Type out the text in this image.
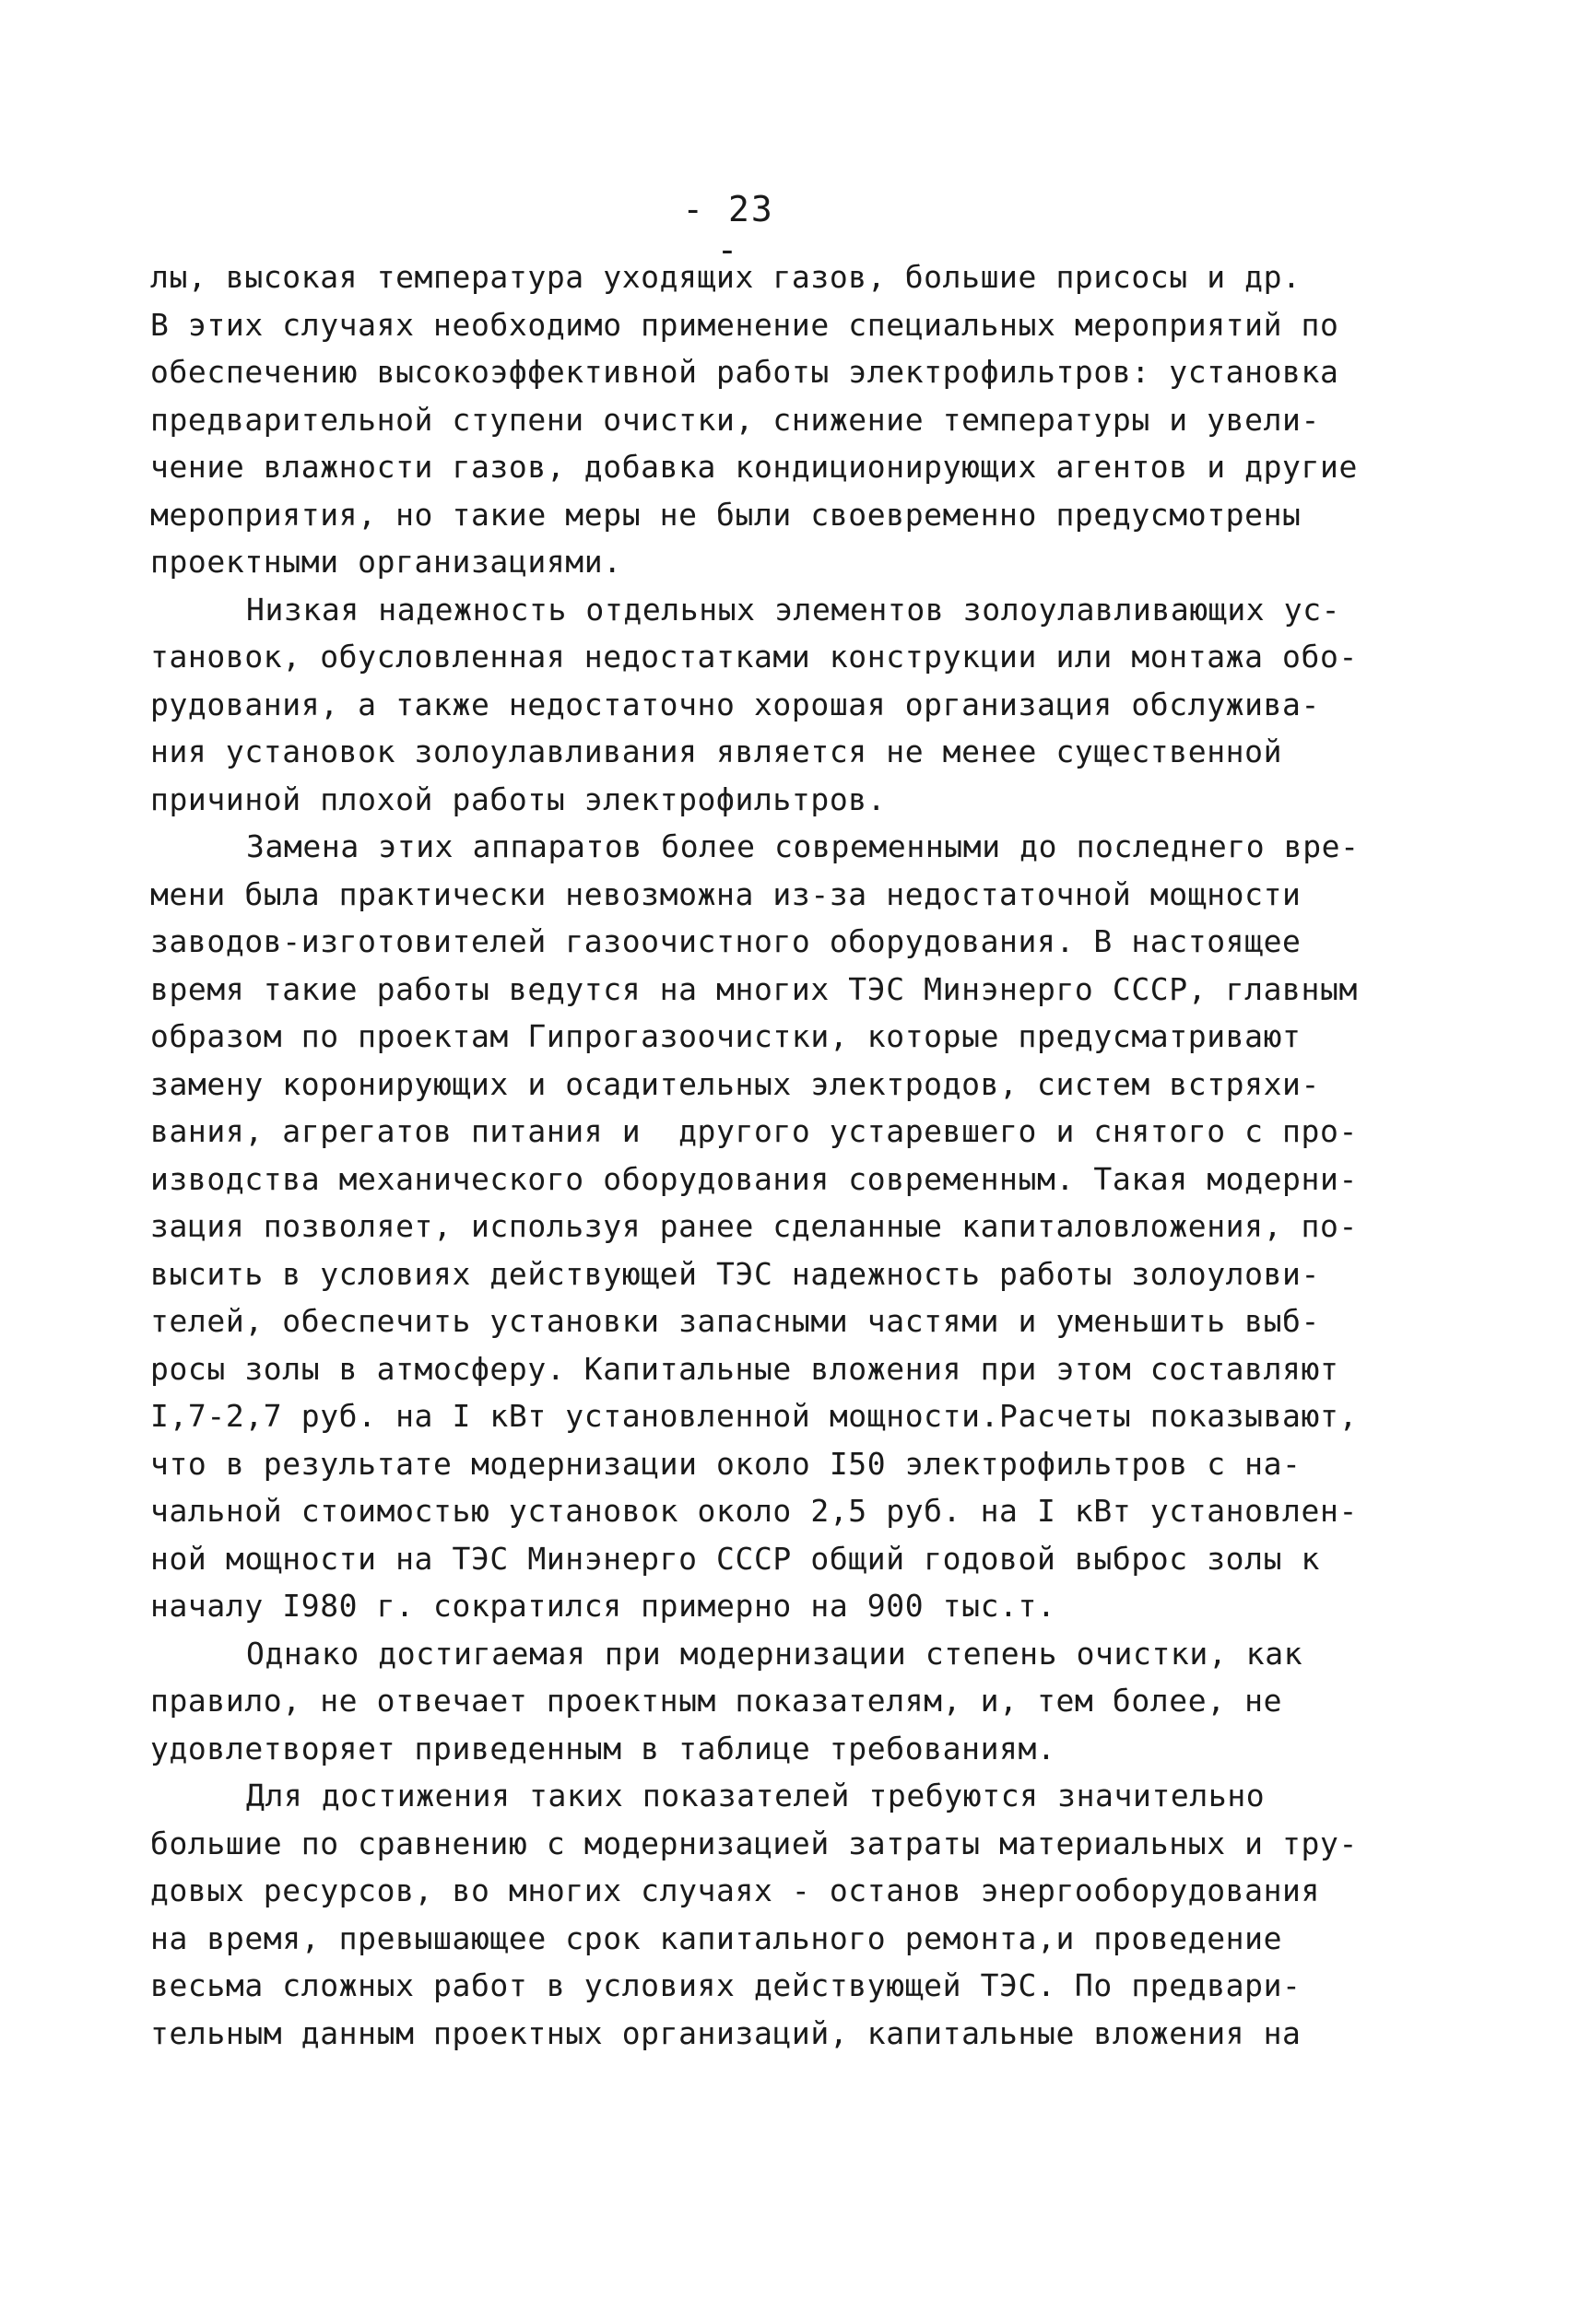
- 23 -
лы, высокая температура уходящих газов, большие присосы и др.
В этих случаях необходимо применение специальных мероприятий по
обеспечению высокоэффективной работы электрофильтров: установка
предварительной ступени очистки, снижение температуры и увели-
чение влажности газов, добавка кондиционирующих агентов и другие
мероприятия, но такие меры не были своевременно предусмотрены
проектными организациями.
Низкая надежность отдельных элементов золоулавливающих ус-
тановок, обусловленная недостатками конструкции или монтажа обо-
рудования, а также недостаточно хорошая организация обслужива-
ния установок золоулавливания является не менее существенной
причиной плохой работы электрофильтров.
Замена этих аппаратов более современными до последнего вре-
мени была практически невозможна из-за недостаточной мощности
заводов-изготовителей газоочистного оборудования. В настоящее
время такие работы ведутся на многих ТЭС Минэнерго СССР, главным
образом по проектам Гипрогазоочистки, которые предусматривают
замену коронирующих и осадительных электродов, систем встряхи-
вания, агрегатов питания и  другого устаревшего и снятого с про-
изводства механического оборудования современным. Такая модерни-
зация позволяет, используя ранее сделанные капиталовложения, по-
высить в условиях действующей ТЭС надежность работы золоулови-
телей, обеспечить установки запасными частями и уменьшить выб-
росы золы в атмосферу. Капитальные вложения при этом составляют
I,7-2,7 руб. на I кВт установленной мощности.Расчеты показывают,
что в результате модернизации около I50 электрофильтров с на-
чальной стоимостью установок около 2,5 руб. на I кВт установлен-
ной мощности на ТЭС Минэнерго СССР общий годовой выброс золы к
началу I980 г. сократился примерно на 900 тыс.т.
Однако достигаемая при модернизации степень очистки, как
правило, не отвечает проектным показателям, и, тем более, не
удовлетворяет приведенным в таблице требованиям.
Для достижения таких показателей требуются значительно
большие по сравнению с модернизацией затраты материальных и тру-
довых ресурсов, во многих случаях - останов энергооборудования
на время, превышающее срок капитального ремонта,и проведение
весьма сложных работ в условиях действующей ТЭС. По предвари-
тельным данным проектных организаций, капитальные вложения на
